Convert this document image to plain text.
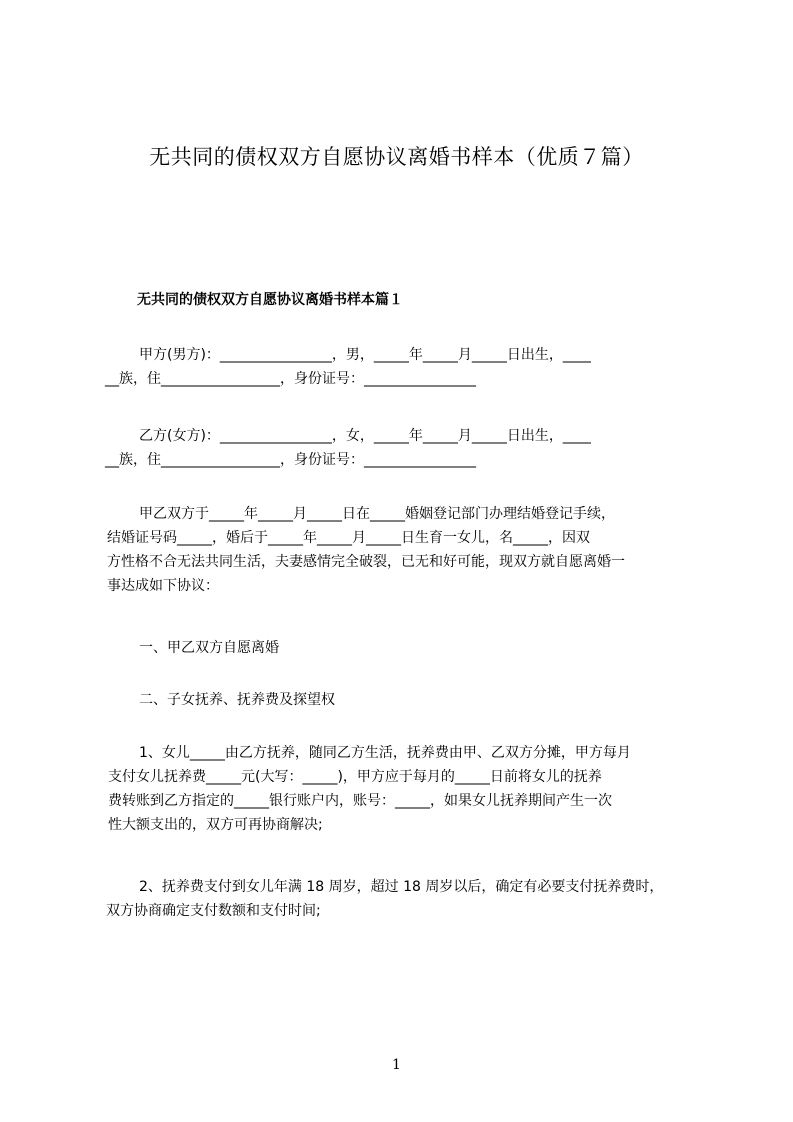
无共同的债权双方自愿协议离婚书样本（优质７篇）
无共同的债权双方自愿协议离婚书样本篇１

甲方(男方)：________________，男，_____年_____月_____日出生，____
__族，住_________________，身份证号：________________

乙方(女方)：________________，女，_____年_____月_____日出生，____
__族，住_________________，身份证号：________________

甲乙双方于_____年_____月_____日在_____婚姻登记部门办理结婚登记手续，
结婚证号码_____，婚后于_____年_____月_____日生育一女儿，名_____，因双
方性格不合无法共同生活，夫妻感情完全破裂，已无和好可能，现双方就自愿离婚一
事达成如下协议：

一、甲乙双方自愿离婚

二、子女抚养、抚养费及探望权

1、女儿_____由乙方抚养，随同乙方生活，抚养费由甲、乙双方分摊，甲方每月
支付女儿抚养费_____元(大写：_____)，甲方应于每月的_____日前将女儿的抚养
费转账到乙方指定的_____银行账户内，账号：_____，如果女儿抚养期间产生一次
性大额支出的，双方可再协商解决;

2、抚养费支付到女儿年满 18 周岁，超过 18 周岁以后，确定有必要支付抚养费时，
双方协商确定支付数额和支付时间;

1
